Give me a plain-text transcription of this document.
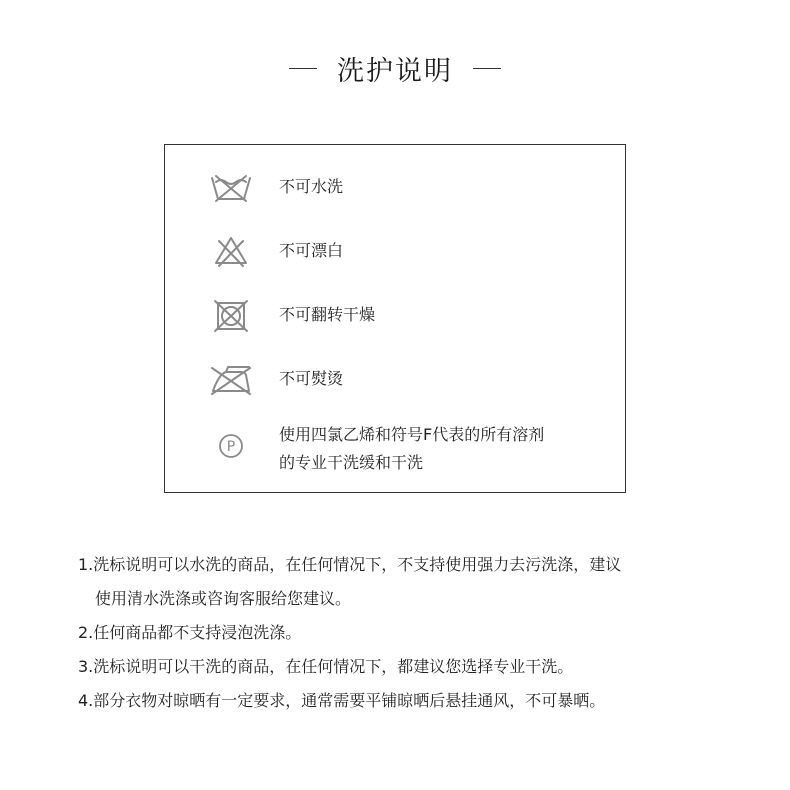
洗护说明
不可水洗
不可漂白
不可翻转干燥
不可熨烫
P
使用四氯乙烯和符号F代表的所有溶剂
的专业干洗缓和干洗
1.洗标说明可以水洗的商品，在任何情况下，不支持使用强力去污洗涤，建议
使用清水洗涤或咨询客服给您建议。
2.任何商品都不支持浸泡洗涤。
3.洗标说明可以干洗的商品，在任何情况下，都建议您选择专业干洗。
4.部分衣物对晾晒有一定要求，通常需要平铺晾晒后悬挂通风，不可暴晒。
